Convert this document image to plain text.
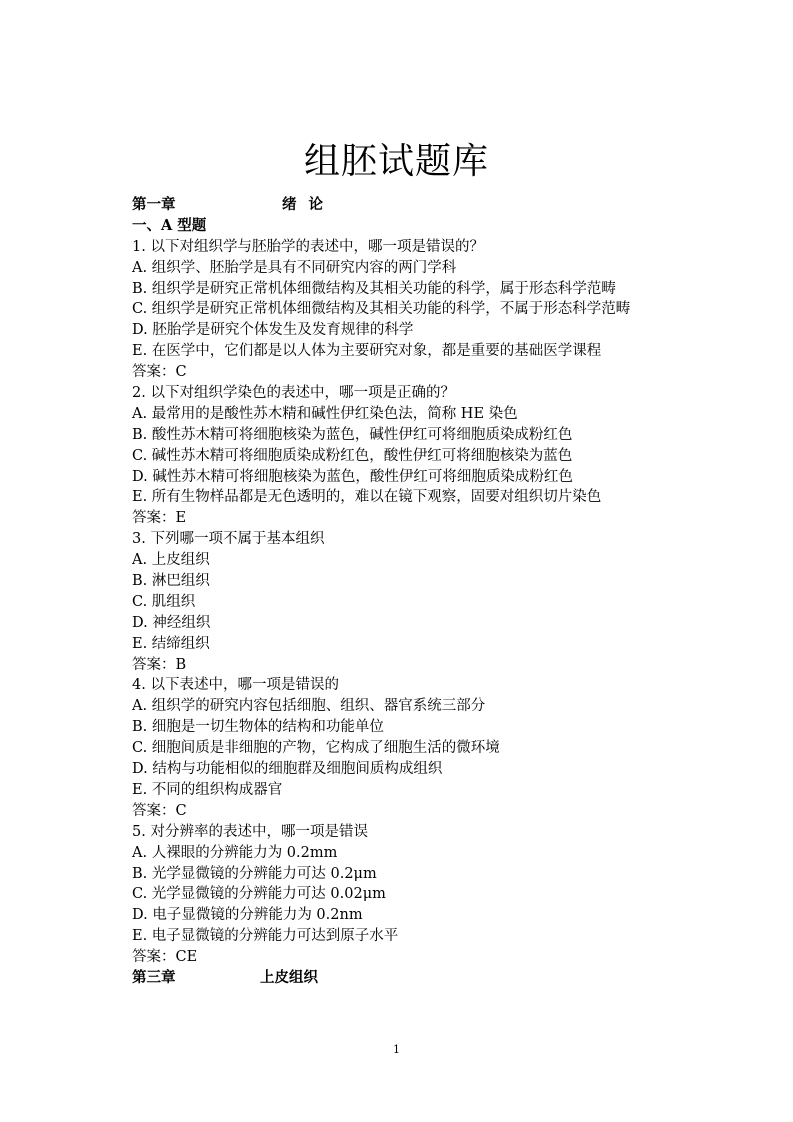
组胚试题库
第一章	绪论
一、A 型题
1. 以下对组织学与胚胎学的表述中，哪一项是错误的？
A. 组织学、胚胎学是具有不同研究内容的两门学科
B. 组织学是研究正常机体细微结构及其相关功能的科学，属于形态科学范畴
C. 组织学是研究正常机体细微结构及其相关功能的科学，不属于形态科学范畴
D. 胚胎学是研究个体发生及发育规律的科学
E. 在医学中，它们都是以人体为主要研究对象，都是重要的基础医学课程
答案：C
2. 以下对组织学染色的表述中，哪一项是正确的？
A. 最常用的是酸性苏木精和碱性伊红染色法，简称 HE 染色
B. 酸性苏木精可将细胞核染为蓝色，碱性伊红可将细胞质染成粉红色
C. 碱性苏木精可将细胞质染成粉红色，酸性伊红可将细胞核染为蓝色
D. 碱性苏木精可将细胞核染为蓝色，酸性伊红可将细胞质染成粉红色
E. 所有生物样品都是无色透明的，难以在镜下观察，固要对组织切片染色
答案：E
3. 下列哪一项不属于基本组织
A. 上皮组织
B. 淋巴组织
C. 肌组织
D. 神经组织
E. 结缔组织
答案：B
4. 以下表述中，哪一项是错误的
A. 组织学的研究内容包括细胞、组织、器官系统三部分
B. 细胞是一切生物体的结构和功能单位
C. 细胞间质是非细胞的产物，它构成了细胞生活的微环境
D. 结构与功能相似的细胞群及细胞间质构成组织
E. 不同的组织构成器官
答案：C
5. 对分辨率的表述中，哪一项是错误
A. 人裸眼的分辨能力为 0.2mm
B. 光学显微镜的分辨能力可达 0.2μm
C. 光学显微镜的分辨能力可达 0.02μm
D. 电子显微镜的分辨能力为 0.2nm
E. 电子显微镜的分辨能力可达到原子水平
答案：CE
第三章	上皮组织
1
